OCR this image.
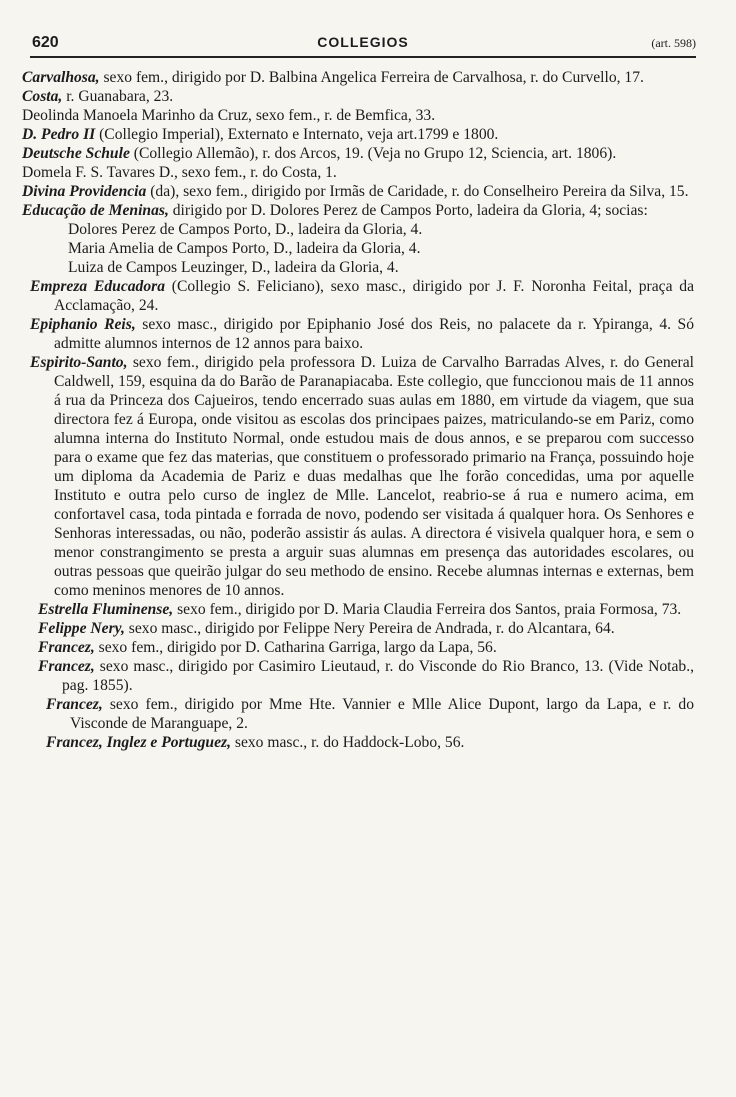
620	COLLEGIOS	(art. 598)

Carvalhosa, sexo fem., dirigido por D. Balbina Angelica Ferreira de Carvalhosa, r. do Curvello, 17.

Costa, r. Guanabara, 23.

Deolinda Manoela Marinho da Cruz, sexo fem., r. de Bemfica, 33.

D. Pedro II (Collegio Imperial), Externato e Internato, veja art.1799 e 1800.

Deutsche Schule (Collegio Allemão), r. dos Arcos, 19. (Veja no Grupo 12, Sciencia, art. 1806).

Domela F. S. Tavares D., sexo fem., r. do Costa, 1.

Divina Providencia (da), sexo fem., dirigido por Irmãs de Caridade, r. do Conselheiro Pereira da Silva, 15.

Educação de Meninas, dirigido por D. Dolores Perez de Campos Porto, ladeira da Gloria, 4; socias:

Dolores Perez de Campos Porto, D., ladeira da Gloria, 4.

Maria Amelia de Campos Porto, D., ladeira da Gloria, 4.

Luiza de Campos Leuzinger, D., ladeira da Gloria, 4.

Empreza Educadora (Collegio S. Feliciano), sexo masc., dirigido por J. F. Noronha Feital, praça da Acclamação, 24.

Epiphanio Reis, sexo masc., dirigido por Epiphanio José dos Reis, no palacete da r. Ypiranga, 4. Só admitte alumnos internos de 12 annos para baixo.

Espirito-Santo, sexo fem., dirigido pela professora D. Luiza de Carvalho Barradas Alves, r. do General Caldwell, 159, esquina da do Barão de Paranapiacaba. Este collegio, que funccionou mais de 11 annos á rua da Princeza dos Cajueiros, tendo encerrado suas aulas em 1880, em virtude da viagem, que sua directora fez á Europa, onde visitou as escolas dos principaes paizes, matriculando-se em Pariz, como alumna interna do Instituto Normal, onde estudou mais de dous annos, e se preparou com successo para o exame que fez das materias, que constituem o professorado primario na França, possuindo hoje um diploma da Academia de Pariz e duas medalhas que lhe forão concedidas, uma por aquelle Instituto e outra pelo curso de inglez de Mlle. Lancelot, reabrio-se á rua e numero acima, em confortavel casa, toda pintada e forrada de novo, podendo ser visitada á qualquer hora. Os Senhores e Senhoras interessadas, ou não, poderão assistir ás aulas. A directora é visivela qualquer hora, e sem o menor constrangimento se presta a arguir suas alumnas em presença das autoridades escolares, ou outras pessoas que queirão julgar do seu methodo de ensino. Recebe alumnas internas e externas, bem como meninos menores de 10 annos.

Estrella Fluminense, sexo fem., dirigido por D. Maria Claudia Ferreira dos Santos, praia Formosa, 73.

Felippe Nery, sexo masc., dirigido por Felippe Nery Pereira de Andrada, r. do Alcantara, 64.

Francez, sexo fem., dirigido por D. Catharina Garriga, largo da Lapa, 56.

Francez, sexo masc., dirigido por Casimiro Lieutaud, r. do Visconde do Rio Branco, 13. (Vide Notab., pag. 1855).

Francez, sexo fem., dirigido por Mme Hte. Vannier e Mlle Alice Dupont, largo da Lapa, e r. do Visconde de Maranguape, 2.

Francez, Inglez e Portuguez, sexo masc., r. do Haddock-Lobo, 56.
